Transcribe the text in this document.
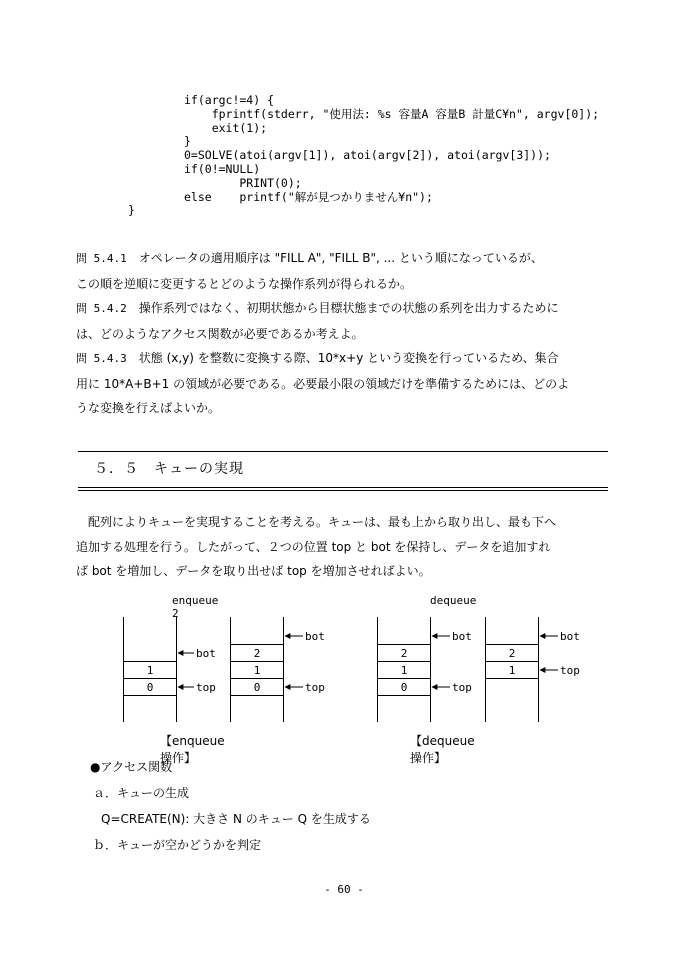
if(argc!=4) {
fprintf(stderr, "使用法: %s 容量A 容量B 計量C¥n", argv[0]);
exit(1);
}
0=SOLVE(atoi(argv[1]), atoi(argv[2]), atoi(argv[3]));
if(0!=NULL)
PRINT(0);
else    printf("解が見つかりません¥n");
}

問 5.4.1　 オペレータの適用順序は "FILL A", "FILL B", ... という順になっているが、

この順を逆順に変更するとどのような操作系列が得られるか。

問 5.4.2　 操作系列ではなく、初期状態から目標状態までの状態の系列を出力するために

は、どのようなアクセス関数が必要であるか考えよ。

問 5.4.3　 状態 (x,y) を整数に変換する際、10*x+y という変換を行っているため、集合

用に 10*A+B+1 の領域が必要である。必要最小限の領域だけを準備するためには、どのよ

うな変換を行えばよいか。

５．５　キューの実現

　配列によりキューを実現することを考える。キューは、最も上から取り出し、最も下へ

追加する処理を行う。したがって、２つの位置 top と bot を保持し、データを追加すれ

ば bot を増加し、データを取り出せば top を増加させればよい。

enqueue 2
dequeue
0
1
bot
top	0
1
2
bot
top	0
1
2
bot
top
1
2
bot
top
【enqueue操作】
【dequeue操作】
●アクセス関数
ａ．キューの生成
Q=CREATE(N): 大きさ N のキュー Q を生成する
ｂ．キューが空かどうかを判定
- 60 -
